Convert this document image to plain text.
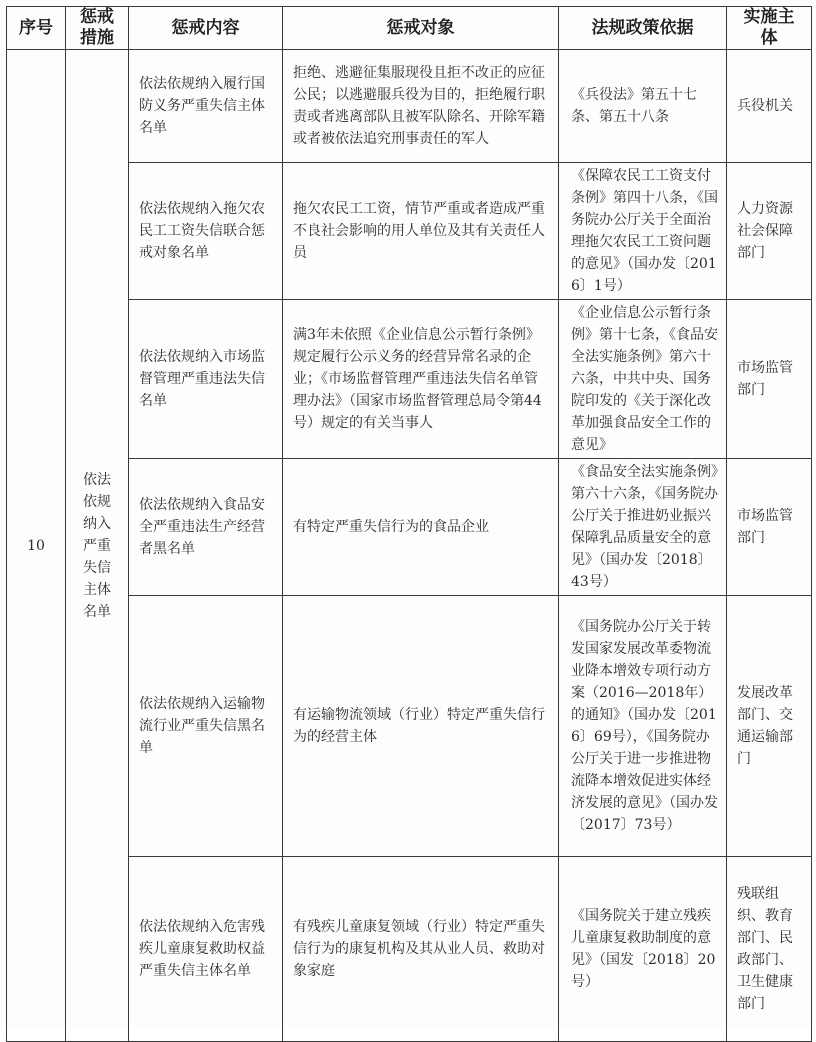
序号	惩戒措施	惩戒内容	惩戒对象	法规政策依据	实施主体
10	依法依规纳入严重失信主体名单	依法依规纳入履行国防义务严重失信主体名单	拒绝、逃避征集服现役且拒不改正的应征公民；以逃避服兵役为目的，拒绝履行职责或者逃离部队且被军队除名、开除军籍或者被依法追究刑事责任的军人	《兵役法》第五十七条、第五十八条	兵役机关
		依法依规纳入拖欠农民工工资失信联合惩戒对象名单	拖欠农民工工资，情节严重或者造成严重不良社会影响的用人单位及其有关责任人员	《保障农民工工资支付条例》第四十八条，《国务院办公厅关于全面治理拖欠农民工工资问题的意见》（国办发〔2016〕1号）	人力资源社会保障部门
		依法依规纳入市场监督管理严重违法失信名单	满3年未依照《企业信息公示暂行条例》规定履行公示义务的经营异常名录的企业；《市场监督管理严重违法失信名单管理办法》（国家市场监督管理总局令第44号）规定的有关当事人	《企业信息公示暂行条例》第十七条，《食品安全法实施条例》第六十六条，中共中央、国务院印发的《关于深化改革加强食品安全工作的意见》	市场监管部门
		依法依规纳入食品安全严重违法生产经营者黑名单	有特定严重失信行为的食品企业	《食品安全法实施条例》第六十六条，《国务院办公厅关于推进奶业振兴保障乳品质量安全的意见》（国办发〔2018〕43号）	市场监管部门
		依法依规纳入运输物流行业严重失信黑名单	有运输物流领域（行业）特定严重失信行为的经营主体	《国务院办公厅关于转发国家发展改革委物流业降本增效专项行动方案（2016—2018年）的通知》（国办发〔2016〕69号），《国务院办公厅关于进一步推进物流降本增效促进实体经济发展的意见》（国办发〔2017〕73号）	发展改革部门、交通运输部门
		依法依规纳入危害残疾儿童康复救助权益严重失信主体名单	有残疾儿童康复领域（行业）特定严重失信行为的康复机构及其从业人员、救助对象家庭	《国务院关于建立残疾儿童康复救助制度的意见》（国发〔2018〕20号）	残联组织、教育部门、民政部门、卫生健康部门
